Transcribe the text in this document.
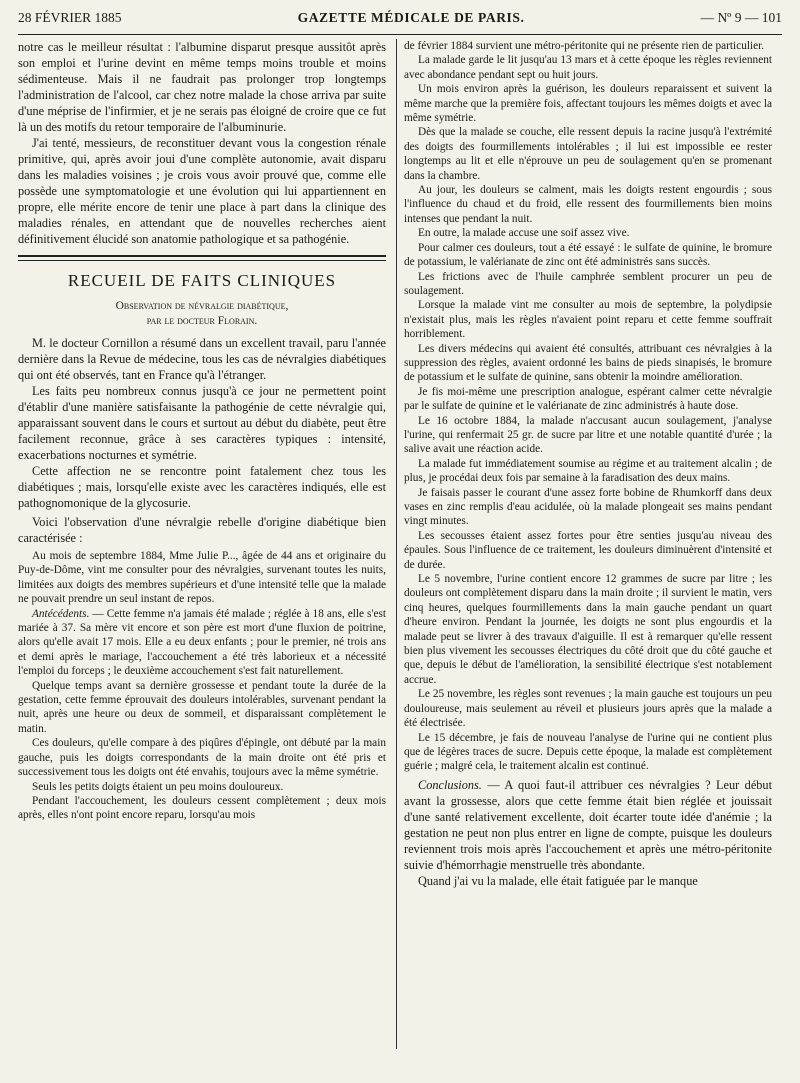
28 FÉVRIER 1885	GAZETTE MÉDICALE DE PARIS.	— Nº 9 — 101

notre cas le meilleur résultat : l'albumine disparut presque aussitôt après son emploi et l'urine devint en même temps moins trouble et moins sédimenteuse. Mais il ne faudrait pas prolonger trop longtemps l'administration de l'alcool, car chez notre malade la chose arriva par suite d'une méprise de l'infirmier, et je ne serais pas éloigné de croire que ce fut là un des motifs du retour temporaire de l'albuminurie.

J'ai tenté, messieurs, de reconstituer devant vous la congestion rénale primitive, qui, après avoir joui d'une complète autonomie, avait disparu dans les maladies voisines ; je crois vous avoir prouvé que, comme elle possède une symptomatologie et une évolution qui lui appartiennent en propre, elle mérite encore de tenir une place à part dans la clinique des maladies rénales, en attendant que de nouvelles recherches aient définitivement élucidé son anatomie pathologique et sa pathogénie.

RECUEIL DE FAITS CLINIQUES
Observation de névralgie diabétique,
par le docteur Florain.

M. le docteur Cornillon a résumé dans un excellent travail, paru l'année dernière dans la Revue de médecine, tous les cas de névralgies diabétiques qui ont été observés, tant en France qu'à l'étranger.

Les faits peu nombreux connus jusqu'à ce jour ne permettent point d'établir d'une manière satisfaisante la pathogénie de cette névralgie qui, apparaissant souvent dans le cours et surtout au début du diabète, peut être facilement reconnue, grâce à ses caractères typiques : intensité, exacerbations nocturnes et symétrie.

Cette affection ne se rencontre point fatalement chez tous les diabétiques ; mais, lorsqu'elle existe avec les caractères indiqués, elle est pathognomonique de la glycosurie.

Voici l'observation d'une névralgie rebelle d'origine diabétique bien caractérisée :

Au mois de septembre 1884, Mme Julie P..., âgée de 44 ans et originaire du Puy-de-Dôme, vint me consulter pour des névralgies, survenant toutes les nuits, limitées aux doigts des membres supérieurs et d'une intensité telle que la malade ne pouvait prendre un seul instant de repos.

Antécédents. — Cette femme n'a jamais été malade ; réglée à 18 ans, elle s'est mariée à 37. Sa mère vit encore et son père est mort d'une fluxion de poitrine, alors qu'elle avait 17 mois. Elle a eu deux enfants ; pour le premier, né trois ans et demi après le mariage, l'accouchement a été très laborieux et a nécessité l'emploi du forceps ; le deuxième accouchement s'est fait naturellement.

Quelque temps avant sa dernière grossesse et pendant toute la durée de la gestation, cette femme éprouvait des douleurs intolérables, survenant pendant la nuit, après une heure ou deux de sommeil, et disparaissant complètement le matin.

Ces douleurs, qu'elle compare à des piqûres d'épingle, ont débuté par la main gauche, puis les doigts correspondants de la main droite ont été pris et successivement tous les doigts ont été envahis, toujours avec la même symétrie.

Seuls les petits doigts étaient un peu moins douloureux.

Pendant l'accouchement, les douleurs cessent complètement ; deux mois après, elles n'ont point encore reparu, lorsqu'au mois

de février 1884 survient une métro-péritonite qui ne présente rien de particulier.

La malade garde le lit jusqu'au 13 mars et à cette époque les règles reviennent avec abondance pendant sept ou huit jours.

Un mois environ après la guérison, les douleurs reparaissent et suivent la même marche que la première fois, affectant toujours les mêmes doigts et avec la même symétrie.

Dès que la malade se couche, elle ressent depuis la racine jusqu'à l'extrémité des doigts des fourmillements intolérables ; il lui est impossible ee rester longtemps au lit et elle n'éprouve un peu de soulagement qu'en se promenant dans la chambre.

Au jour, les douleurs se calment, mais les doigts restent engourdis ; sous l'influence du chaud et du froid, elle ressent des fourmillements bien moins intenses que pendant la nuit.

En outre, la malade accuse une soif assez vive.

Pour calmer ces douleurs, tout a été essayé : le sulfate de quinine, le bromure de potassium, le valérianate de zinc ont été administrés sans succès.

Les frictions avec de l'huile camphrée semblent procurer un peu de soulagement.

Lorsque la malade vint me consulter au mois de septembre, la polydipsie n'existait plus, mais les règles n'avaient point reparu et cette femme souffrait horriblement.

Les divers médecins qui avaient été consultés, attribuant ces névralgies à la suppression des règles, avaient ordonné les bains de pieds sinapisés, le bromure de potassium et le sulfate de quinine, sans obtenir la moindre amélioration.

Je fis moi-même une prescription analogue, espérant calmer cette névralgie par le sulfate de quinine et le valérianate de zinc administrés à haute dose.

Le 16 octobre 1884, la malade n'accusant aucun soulagement, j'analyse l'urine, qui renfermait 25 gr. de sucre par litre et une notable quantité d'urée ; la salive avait une réaction acide.

La malade fut immédiatement soumise au régime et au traitement alcalin ; de plus, je procédai deux fois par semaine à la faradisation des deux mains.

Je faisais passer le courant d'une assez forte bobine de Rhumkorff dans deux vases en zinc remplis d'eau acidulée, où la malade plongeait ses mains pendant vingt minutes.

Les secousses étaient assez fortes pour être senties jusqu'au niveau des épaules. Sous l'influence de ce traitement, les douleurs diminuèrent d'intensité et de durée.

Le 5 novembre, l'urine contient encore 12 grammes de sucre par litre ; les douleurs ont complètement disparu dans la main droite ; il survient le matin, vers cinq heures, quelques fourmillements dans la main gauche pendant un quart d'heure environ. Pendant la journée, les doigts ne sont plus engourdis et la malade peut se livrer à des travaux d'aiguille. Il est à remarquer qu'elle ressent bien plus vivement les secousses électriques du côté droit que du côté gauche et que, depuis le début de l'amélioration, la sensibilité électrique s'est notablement accrue.

Le 25 novembre, les règles sont revenues ; la main gauche est toujours un peu douloureuse, mais seulement au réveil et plusieurs jours après que la malade a été électrisée.

Le 15 décembre, je fais de nouveau l'analyse de l'urine qui ne contient plus que de légères traces de sucre. Depuis cette époque, la malade est complètement guérie ; malgré cela, le traitement alcalin est continué.

Conclusions. — A quoi faut-il attribuer ces névralgies ? Leur début avant la grossesse, alors que cette femme était bien réglée et jouissait d'une santé relativement excellente, doit écarter toute idée d'anémie ; la gestation ne peut non plus entrer en ligne de compte, puisque les douleurs reviennent trois mois après l'accouchement et après une métro-péritonite suivie d'hémorrhagie menstruelle très abondante.

Quand j'ai vu la malade, elle était fatiguée par le manque
